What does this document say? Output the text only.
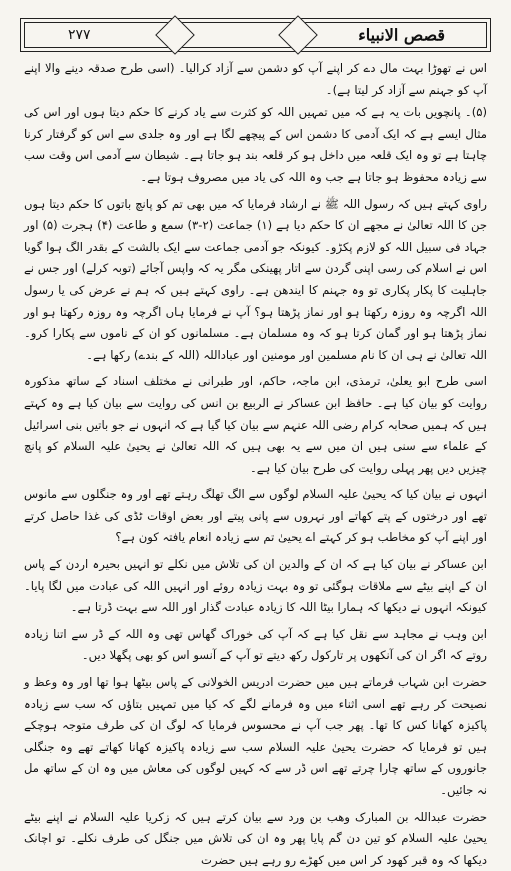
قصص الانبیاء
۲۷۷

اس نے تھوڑا بہت مال دے کر اپنے آپ کو دشمن سے آزاد کرالیا۔ (اسی طرح صدقہ دینے والا اپنے آپ کو جہنم سے آزاد کر لیتا ہے)۔

(۵)۔ پانچویں بات یہ ہے کہ میں تمہیں اللہ کو کثرت سے یاد کرنے کا حکم دیتا ہوں اور اس کی مثال ایسے ہے کہ ایک آدمی کا دشمن اس کے پیچھے لگا ہے اور وہ جلدی سے اس کو گرفتار کرنا چاہتا ہے تو وہ ایک قلعہ میں داخل ہو کر قلعہ بند ہو جاتا ہے۔ شیطان سے آدمی اس وقت سب سے زیادہ محفوظ ہو جاتا ہے جب وہ اللہ کی یاد میں مصروف ہوتا ہے۔

راوی کہتے ہیں کہ رسول اللہ ﷺ نے ارشاد فرمایا کہ میں بھی تم کو پانچ باتوں کا حکم دیتا ہوں جن کا اللہ تعالیٰ نے مجھے ان کا حکم دیا ہے (۱) جماعت (۲-۳) سمع و طاعت (۴) ہجرت (۵) اور جہاد فی سبیل اللہ کو لازم پکڑو۔ کیونکہ جو آدمی جماعت سے ایک بالشت کے بقدر الگ ہوا گویا اس نے اسلام کی رسی اپنی گردن سے اتار پھینکی مگر یہ کہ واپس آجائے (توبہ کرلے) اور جس نے جاہلیت کا پکار پکاری تو وہ جہنم کا ایندھن ہے۔ راوی کہتے ہیں کہ ہم نے عرض کی یا رسول اللہ اگرچہ وہ روزہ رکھتا ہو اور نماز پڑھتا ہو؟ آپ نے فرمایا ہاں اگرچہ وہ روزہ رکھتا ہو اور نماز پڑھتا ہو اور گمان کرتا ہو کہ وہ مسلمان ہے۔ مسلمانوں کو ان کے ناموں سے پکارا کرو۔ اللہ تعالیٰ نے ہی ان کا نام مسلمین اور مومنین اور عباداللہ (اللہ کے بندے) رکھا ہے۔

اسی طرح ابو یعلیٰ، ترمذی، ابن ماجہ، حاکم، اور طبرانی نے مختلف اسناد کے ساتھ مذکورہ روایت کو بیان کیا ہے۔ حافظ ابن عساکر نے الربیع بن انس کی روایت سے بیان کیا ہے وہ کہتے ہیں کہ ہمیں صحابہ کرام رضی اللہ عنہم سے بیان کیا گیا ہے کہ انہوں نے جو باتیں بنی اسرائیل کے علماء سے سنی ہیں ان میں سے یہ بھی ہیں کہ اللہ تعالیٰ نے یحییٰ علیہ السلام کو پانچ چیزیں دیں پھر پہلی روایت کی طرح بیان کیا ہے۔

انہوں نے بیان کیا کہ یحییٰ علیہ السلام لوگوں سے الگ تھلگ رہتے تھے اور وہ جنگلوں سے مانوس تھے اور درختوں کے پتے کھاتے اور نہروں سے پانی پیتے اور بعض اوقات ٹڈی کی غذا حاصل کرتے اور اپنے آپ کو مخاطب ہو کر کہتے اے یحییٰ تم سے زیادہ انعام یافتہ کون ہے؟

ابن عساکر نے بیان کیا ہے کہ ان کے والدین ان کی تلاش میں نکلے تو انہیں بحیرہ اردن کے پاس ان کے اپنے بیٹے سے ملاقات ہوگئی تو وہ بہت زیادہ روئے اور انہیں اللہ کی عبادت میں لگا پایا۔ کیونکہ انہوں نے دیکھا کہ ہمارا بیٹا اللہ کا زیادہ عبادت گذار اور اللہ سے بہت ڈرتا ہے۔

ابن وہب نے مجاہد سے نقل کیا ہے کہ آپ کی خوراک گھاس تھی وہ اللہ کے ڈر سے اتنا زیادہ روتے کہ اگر ان کی آنکھوں پر تارکول رکھ دیتے تو آپ کے آنسو اس کو بھی پگھلا دیں۔

حضرت ابن شہاب فرماتے ہیں میں حضرت ادریس الخولانی کے پاس بیٹھا ہوا تھا اور وہ وعظ و نصیحت کر رہے تھے اسی اثناء میں وہ فرمانے لگے کہ کیا میں تمہیں بتاؤں کہ سب سے زیادہ پاکیزہ کھانا کس کا تھا۔ پھر جب آپ نے محسوس فرمایا کہ لوگ ان کی طرف متوجہ ہوچکے ہیں تو فرمایا کہ حضرت یحییٰ علیہ السلام سب سے زیادہ پاکیزہ کھانا کھاتے تھے وہ جنگلی جانوروں کے ساتھ چارا چرتے تھے اس ڈر سے کہ کہیں لوگوں کی معاش میں وہ ان کے ساتھ مل نہ جائیں۔

حضرت عبداللہ بن المبارک وھب بن ورد سے بیان کرتے ہیں کہ زکریا علیہ السلام نے اپنے بیٹے یحییٰ علیہ السلام کو تین دن گم پایا پھر وہ ان کی تلاش میں جنگل کی طرف نکلے۔ تو اچانک دیکھا کہ وہ قبر کھود کر اس میں کھڑے رو رہے ہیں حضرت
